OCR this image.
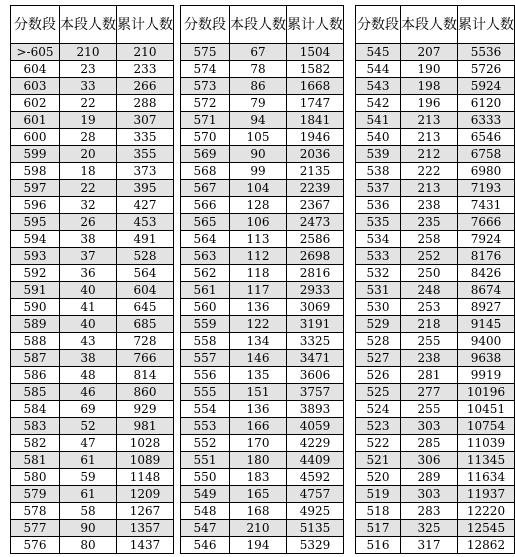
分数段	本段人数	累计人数
>-605	210	210
604	23	233
603	33	266
602	22	288
601	19	307
600	28	335
599	20	355
598	18	373
597	22	395
596	32	427
595	26	453
594	38	491
593	37	528
592	36	564
591	40	604
590	41	645
589	40	685
588	43	728
587	38	766
586	48	814
585	46	860
584	69	929
583	52	981
582	47	1028
581	61	1089
580	59	1148
579	61	1209
578	58	1267
577	90	1357
576	80	1437
分数段	本段人数	累计人数
575	67	1504
574	78	1582
573	86	1668
572	79	1747
571	94	1841
570	105	1946
569	90	2036
568	99	2135
567	104	2239
566	128	2367
565	106	2473
564	113	2586
563	112	2698
562	118	2816
561	117	2933
560	136	3069
559	122	3191
558	134	3325
557	146	3471
556	135	3606
555	151	3757
554	136	3893
553	166	4059
552	170	4229
551	180	4409
550	183	4592
549	165	4757
548	168	4925
547	210	5135
546	194	5329
分数段	本段人数	累计人数
545	207	5536
544	190	5726
543	198	5924
542	196	6120
541	213	6333
540	213	6546
539	212	6758
538	222	6980
537	213	7193
536	238	7431
535	235	7666
534	258	7924
533	252	8176
532	250	8426
531	248	8674
530	253	8927
529	218	9145
528	255	9400
527	238	9638
526	281	9919
525	277	10196
524	255	10451
523	303	10754
522	285	11039
521	306	11345
520	289	11634
519	303	11937
518	283	12220
517	325	12545
516	317	12862
